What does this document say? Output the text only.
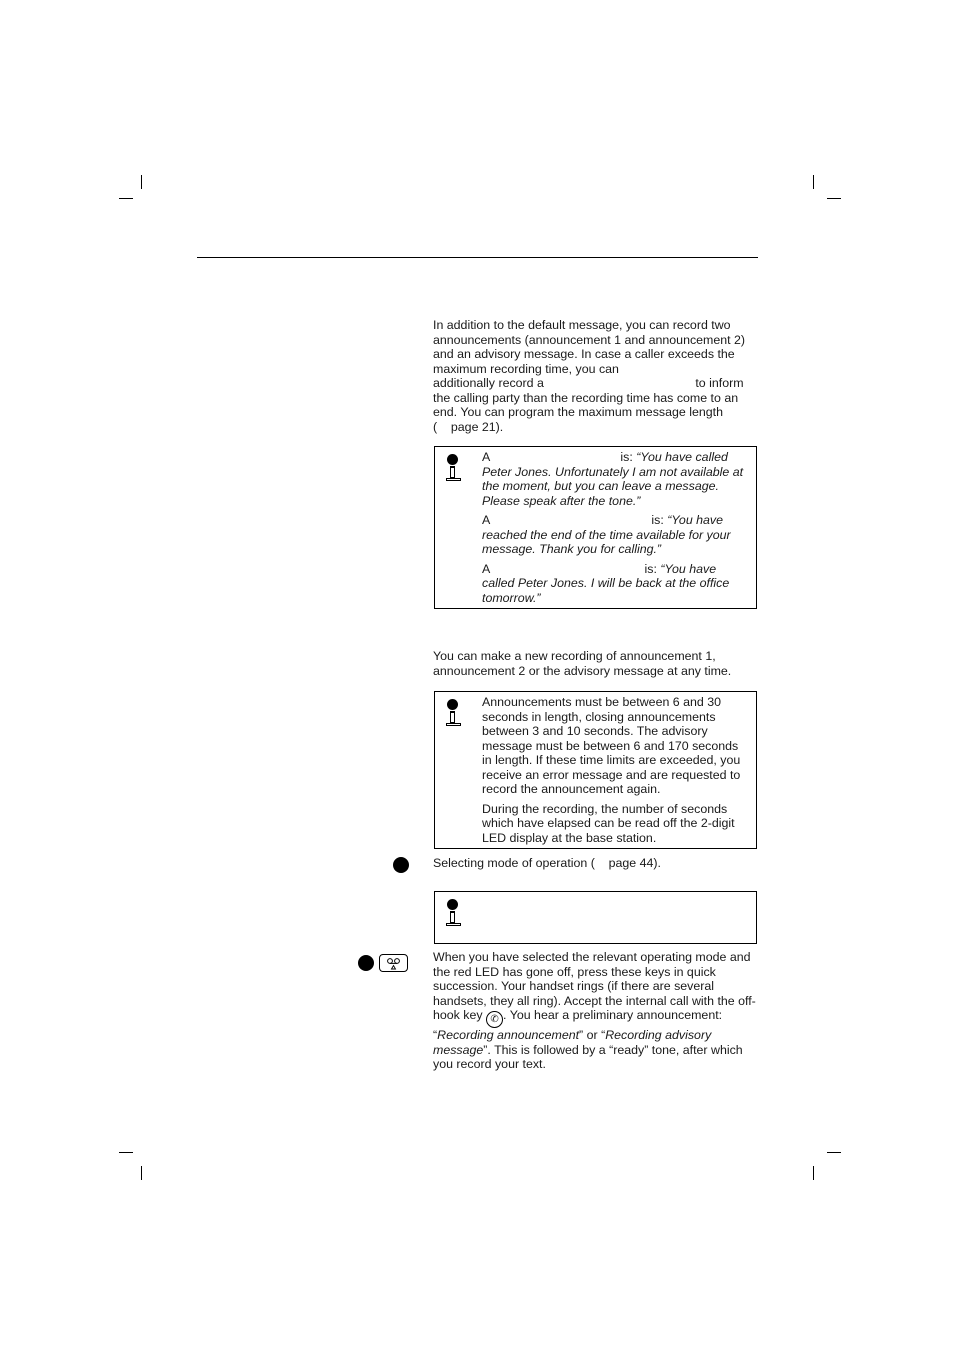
In addition to the default message, you can record two
announcements (announcement 1 and announcement 2)
and an advisory message. In case a caller exceeds the
maximum recording time, you can
additionally record a                                            to inform
the calling party than the recording time has come to an
end. You can program the maximum message length
(    page 21).

A                                      is: “You have called Peter Jones. Unfortunately I am not available at the moment, but you can leave a message. Please speak after the tone.”

A                                               is: “You have reached the end of the time available for your message. Thank you for calling.”

A                                             is: “You have called Peter Jones. I will be back at the office tomorrow.”

You can make a new recording of announcement 1,
announcement 2 or the advisory message at any time.

Announcements must be between 6 and 30 seconds in length, closing announcements between 3 and 10 seconds. The advisory message must be between 6 and 170 seconds in length. If these time limits are exceeded, you receive an error message and are requested to record the announcement again.

During the recording, the number of seconds which have elapsed can be read off the 2-digit LED display at the base station.

Selecting mode of operation (    page 44).
When you have selected the relevant operating mode and the red LED has gone off, press these keys in quick succession. Your handset rings (if there are several handsets, they all ring). Accept the internal call with the off-hook key ✆ . You hear a preliminary announcement: “Recording announcement” or “Recording advisory message”. This is followed by a “ready” tone, after which you record your text.
